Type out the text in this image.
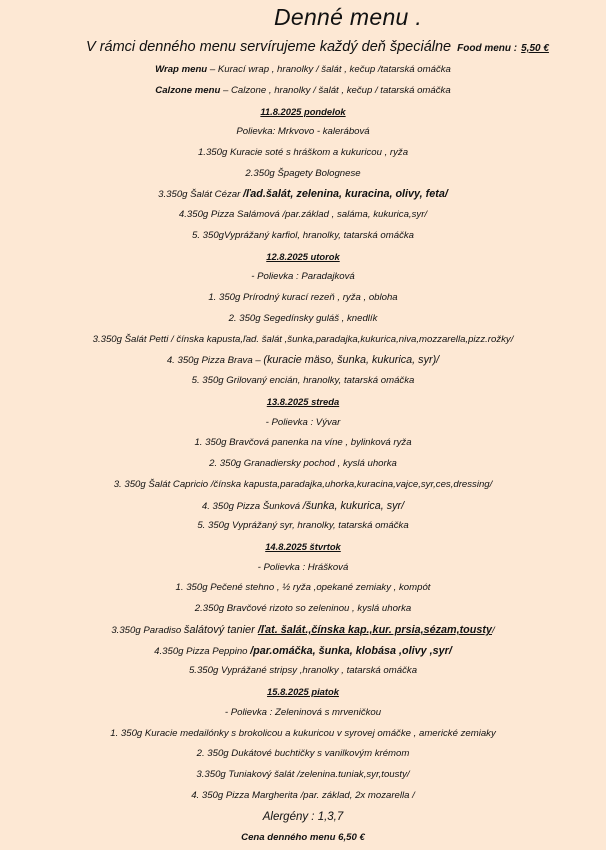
Denné menu .
V rámci denného menu servírujeme každý deň špeciálne Food menu : 5,50 €
Wrap menu – Kurací wrap , hranolky / šalát , kečup /tatarská omáčka
Calzone menu – Calzone , hranolky / šalát , kečup / tatarská omáčka
11.8.2025 pondelok
Polievka: Mrkvovo - kalerábová
1.350g Kuracie soté s hráškom a kukuricou , ryža
2.350g Špagety Bolognese
3.350g Šalát Cézar /ľad.šalát, zelenina, kuracina, olivy, feta/
4.350g Pizza Salámová /par.základ , saláma, kukurica,syr/
5. 350gVyprážaný karfiol, hranolky, tatarská omáčka
12.8.2025 utorok
- Polievka : Paradajková
1. 350g Prírodný kurací rezeň , ryža , obloha
2. 350g Segedínsky guláš , knedlík
3.350g Šalát Petti / čínska kapusta,ľad. šalát ,šunka,paradajka,kukurica,niva,mozzarella,pizz.rožky/
4. 350g Pizza Brava – (kuracie mäso, šunka, kukurica, syr)/
5. 350g Grilovaný encián, hranolky, tatarská omáčka
13.8.2025 streda
- Polievka : Vývar
1. 350g Bravčová panenka na víne , bylinková ryža
2. 350g Granadiersky pochod , kyslá uhorka
3. 350g Šalát Capricio /čínska kapusta,paradajka,uhorka,kuracina,vajce,syr,ces,dressing/
4. 350g Pizza Šunková /šunka, kukurica, syr/
5. 350g Vyprážaný syr, hranolky, tatarská omáčka
14.8.2025 štvrtok
- Polievka : Hrášková
1. 350g Pečené stehno , ½ ryža ,opekané zemiaky , kompót
2.350g Bravčové rizoto so zeleninou , kyslá uhorka
3.350g Paradiso šalátový tanier /ľat. šalát.,čínska kap.,kur. prsia,sézam,tousty/
4.350g Pizza Peppino /par.omáčka, šunka, klobása ,olivy ,syr/
5.350g Vyprážané stripsy ,hranolky , tatarská omáčka
15.8.2025 piatok
- Polievka : Zeleninová s mrveničkou
1. 350g Kuracie medailónky s brokolicou a kukuricou v syrovej omáčke , americké zemiaky
2. 350g Dukátové buchtičky s vanilkovým krémom
3.350g Tuniakový šalát /zelenina.tuniak,syr,tousty/
4. 350g Pizza Margherita /par. základ, 2x mozarella /
Alergény : 1,3,7
Cena denného menu 6,50 €
